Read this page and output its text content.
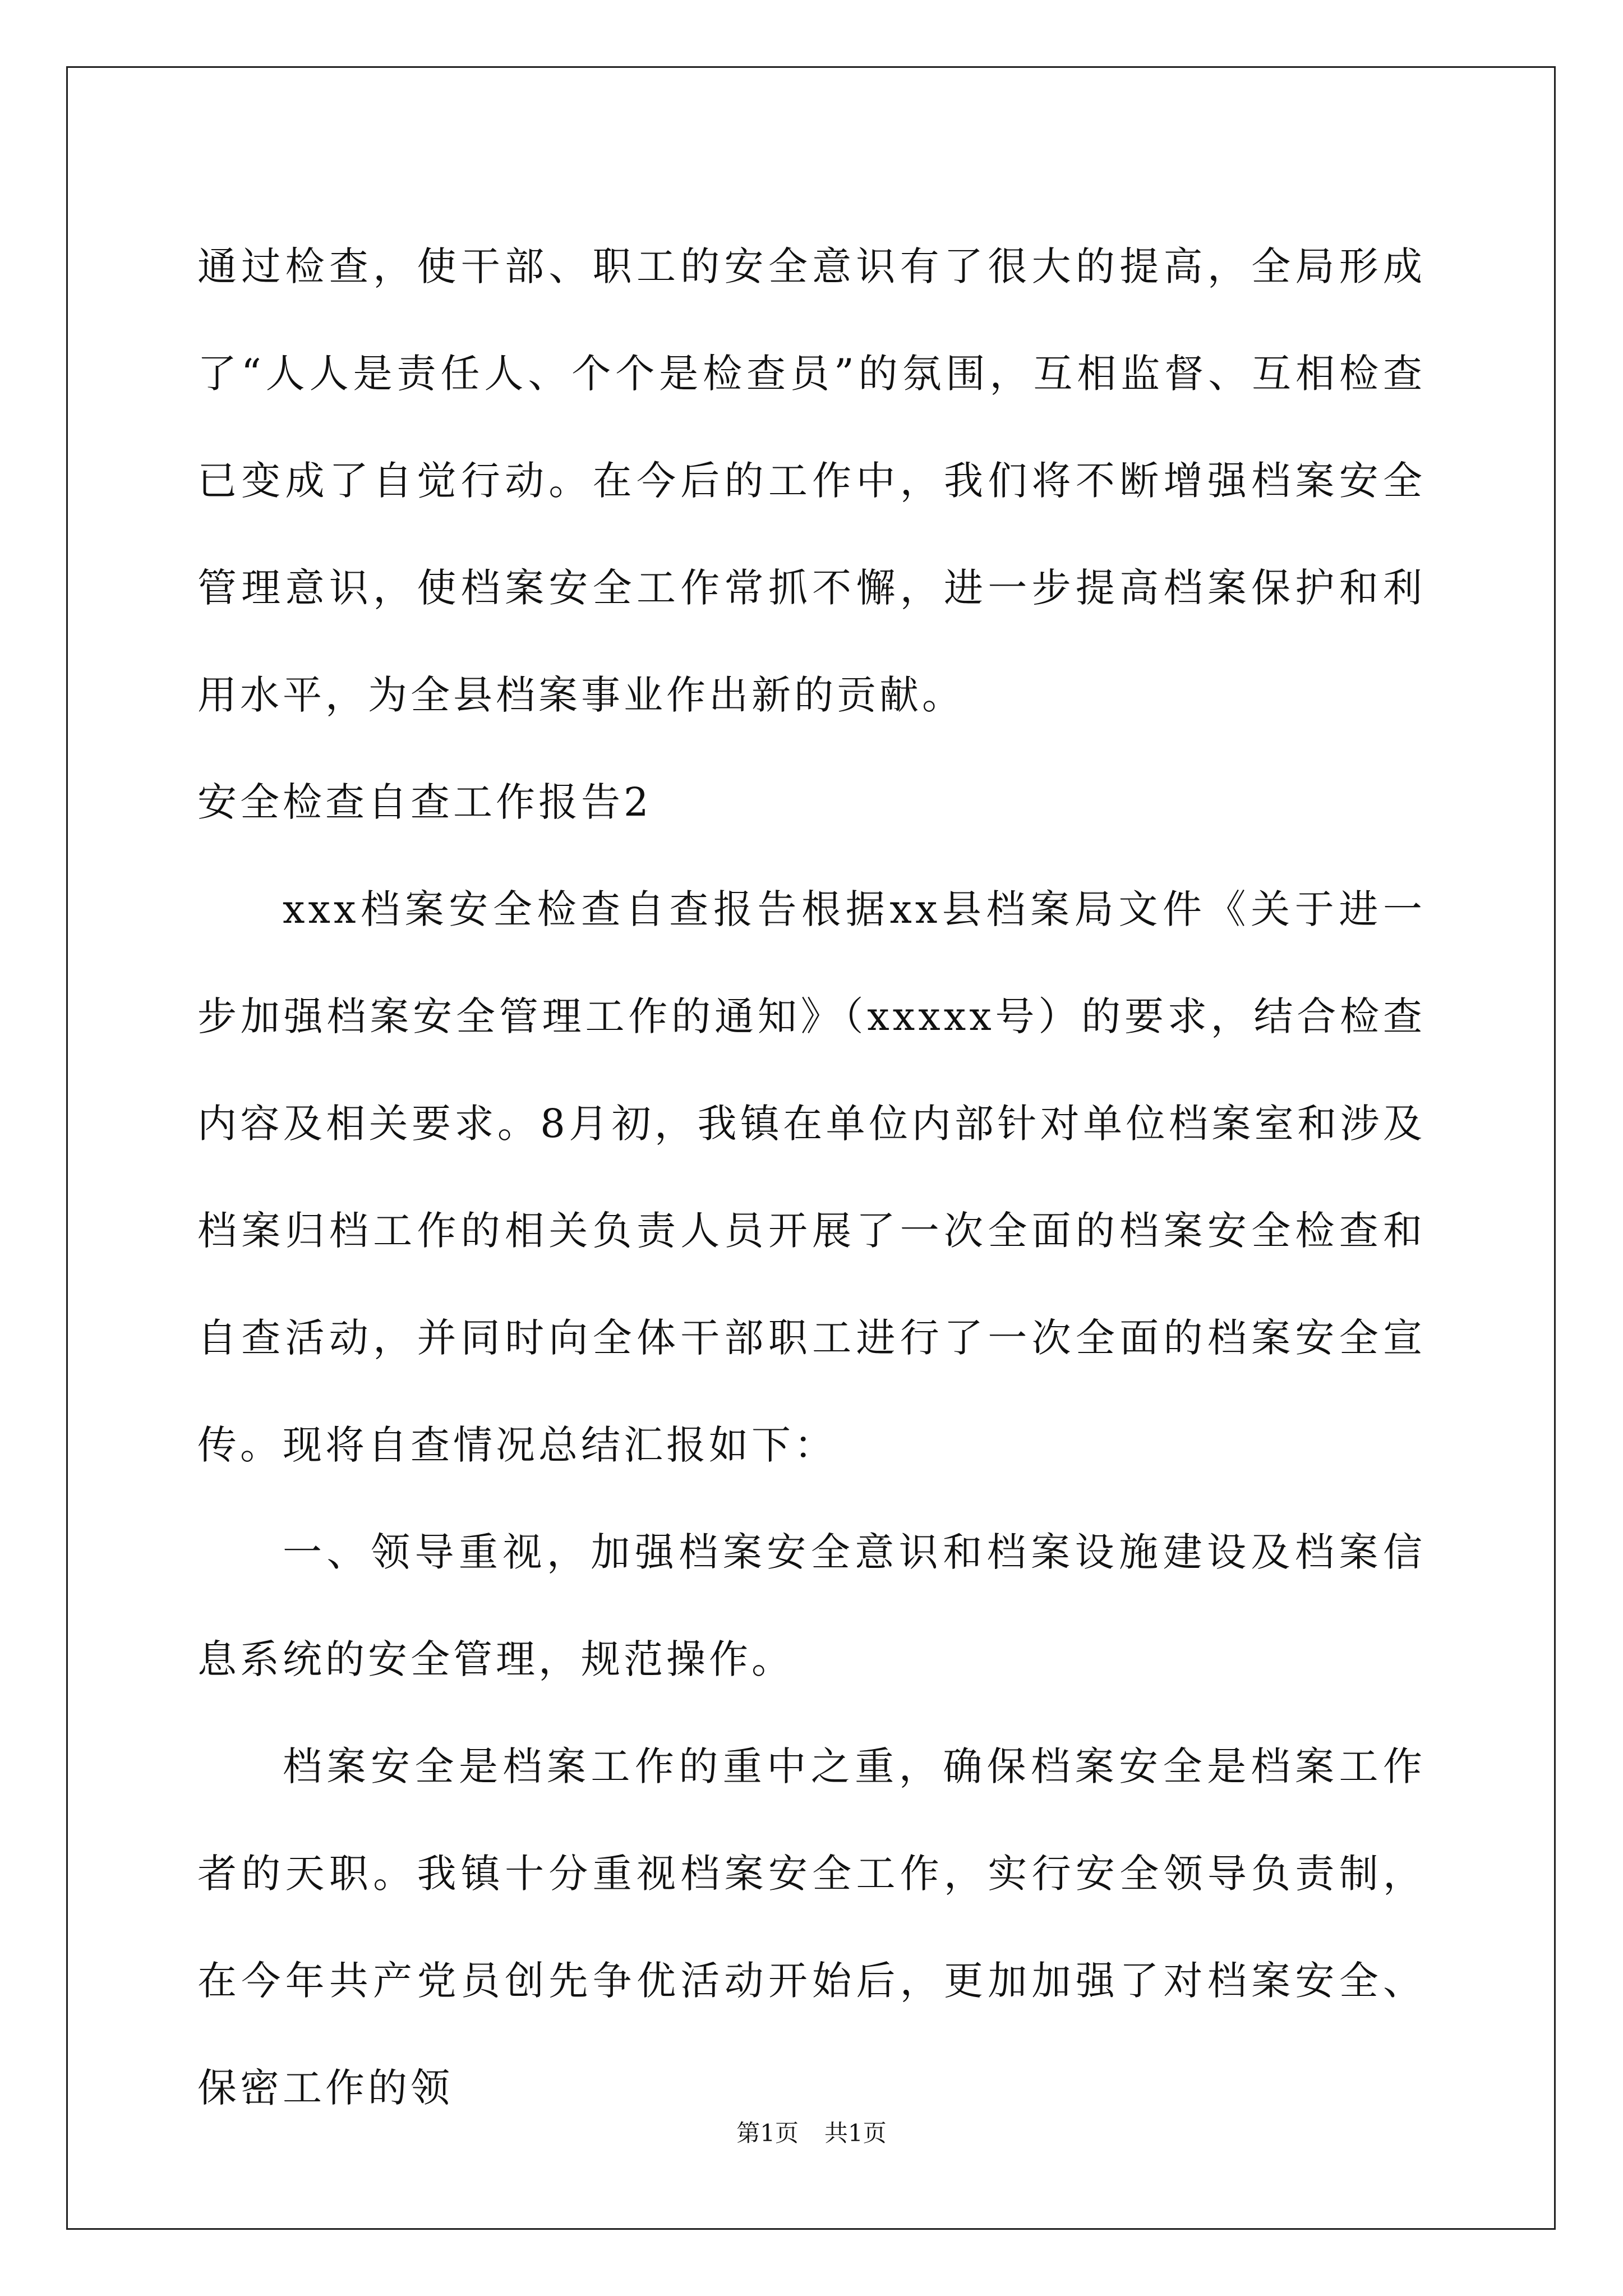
通过检查，使干部、职工的安全意识有了很大的提高，全局形成了“人人是责任人、个个是检查员”的氛围，互相监督、互相检查已变成了自觉行动。在今后的工作中，我们将不断增强档案安全管理意识，使档案安全工作常抓不懈，进一步提高档案保护和利用水平，为全县档案事业作出新的贡献。

安全检查自查工作报告2

xxx档案安全检查自查报告根据xx县档案局文件《关于进一步加强档案安全管理工作的通知》（xxxxx号）的要求，结合检查内容及相关要求。8月初，我镇在单位内部针对单位档案室和涉及档案归档工作的相关负责人员开展了一次全面的档案安全检查和自查活动，并同时向全体干部职工进行了一次全面的档案安全宣传。现将自查情况总结汇报如下：

一、领导重视，加强档案安全意识和档案设施建设及档案信息系统的安全管理，规范操作。

档案安全是档案工作的重中之重，确保档案安全是档案工作者的天职。我镇十分重视档案安全工作，实行安全领导负责制，在今年共产党员创先争优活动开始后，更加加强了对档案安全、保密工作的领

第1页 共1页
